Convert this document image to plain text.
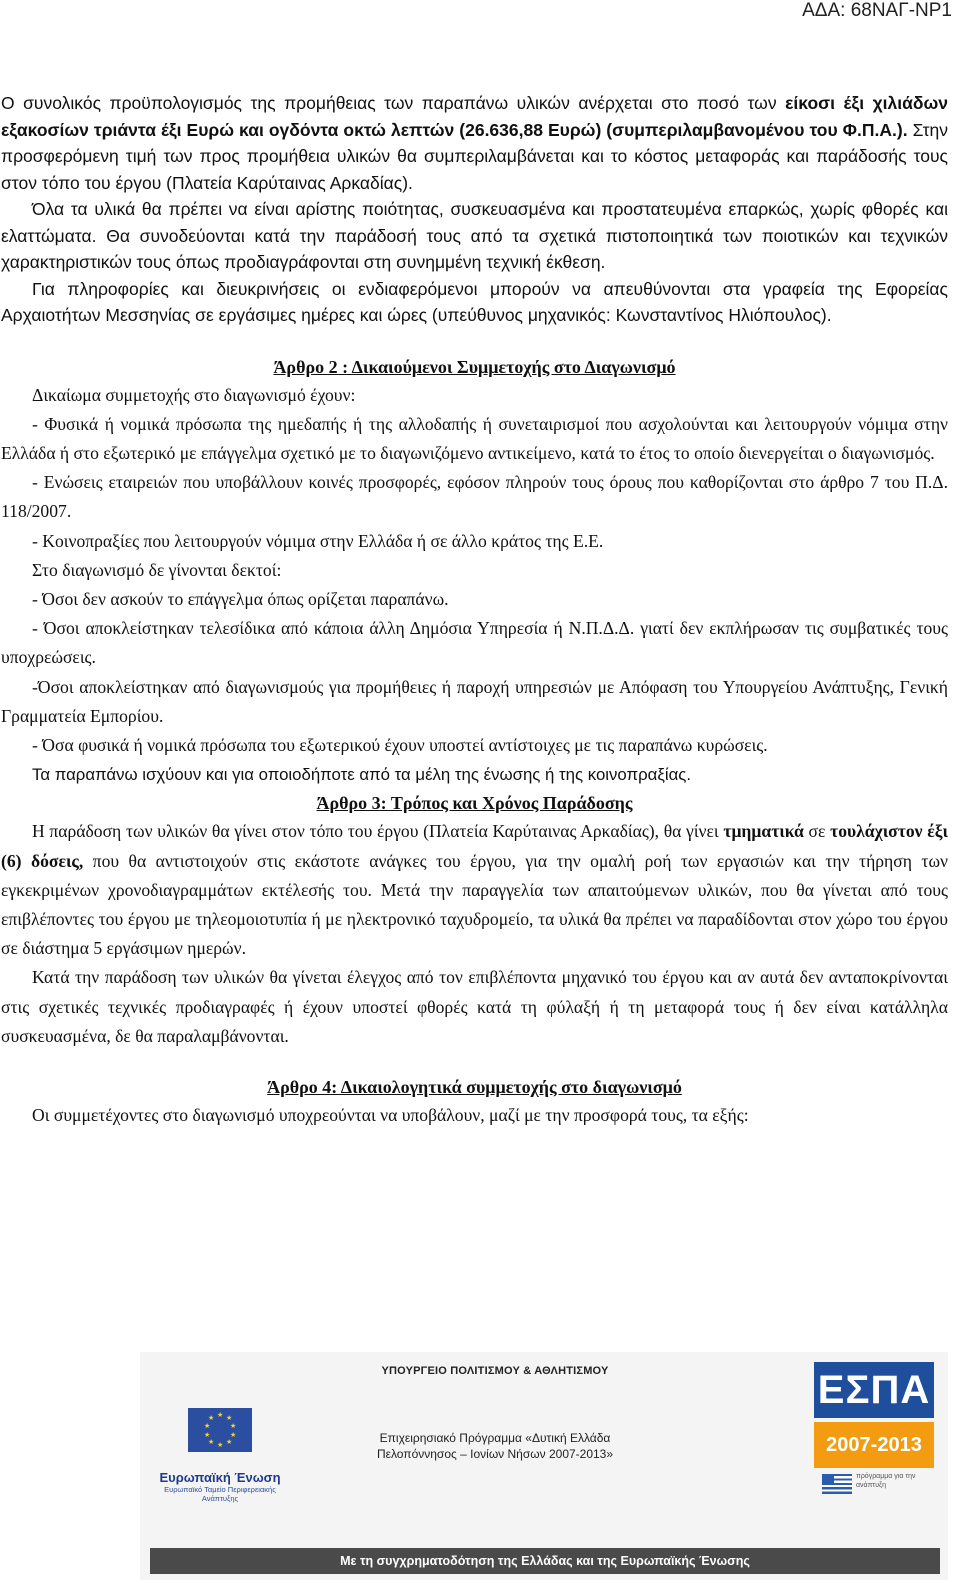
ΑΔΑ: 68ΝΑΓ-ΝΡ1

Ο συνολικός προϋπολογισμός της προμήθειας των παραπάνω υλικών ανέρχεται στο ποσό των είκοσι έξι χιλιάδων εξακοσίων τριάντα έξι Ευρώ και ογδόντα οκτώ λεπτών (26.636,88 Ευρώ) (συμπεριλαμβανομένου του Φ.Π.Α.). Στην προσφερόμενη τιμή των προς προμήθεια υλικών θα συμπεριλαμβάνεται και το κόστος μεταφοράς και παράδοσής τους στον τόπο του έργου (Πλατεία Καρύταινας Αρκαδίας).

Όλα τα υλικά θα πρέπει να είναι αρίστης ποιότητας, συσκευασμένα και προστατευμένα επαρκώς, χωρίς φθορές και ελαττώματα. Θα συνοδεύονται κατά την παράδοσή τους από τα σχετικά πιστοποιητικά των ποιοτικών και τεχνικών χαρακτηριστικών τους όπως προδιαγράφονται στη συνημμένη τεχνική έκθεση.

Για πληροφορίες και διευκρινήσεις οι ενδιαφερόμενοι μπορούν να απευθύνονται στα γραφεία της Εφορείας Αρχαιοτήτων Μεσσηνίας σε εργάσιμες ημέρες και ώρες (υπεύθυνος μηχανικός: Κωνσταντίνος Ηλιόπουλος).

Άρθρο 2 : Δικαιούμενοι Συμμετοχής στο Διαγωνισμό

Δικαίωμα συμμετοχής στο διαγωνισμό έχουν:

- Φυσικά ή νομικά πρόσωπα της ημεδαπής ή της αλλοδαπής ή συνεταιρισμοί που ασχολούνται και λειτουργούν νόμιμα στην Ελλάδα ή στο εξωτερικό με επάγγελμα σχετικό με το διαγωνιζόμενο αντικείμενο, κατά το έτος το οποίο διενεργείται ο διαγωνισμός.

- Ενώσεις εταιρειών που υποβάλλουν κοινές προσφορές, εφόσον πληρούν τους όρους που καθορίζονται στο άρθρο 7 του Π.Δ. 118/2007.

- Κοινοπραξίες που λειτουργούν νόμιμα στην Ελλάδα ή σε άλλο κράτος της Ε.Ε.

Στο διαγωνισμό δε γίνονται δεκτοί:

- Όσοι δεν ασκούν το επάγγελμα όπως ορίζεται παραπάνω.

- Όσοι αποκλείστηκαν τελεσίδικα από κάποια άλλη Δημόσια Υπηρεσία ή Ν.Π.Δ.Δ. γιατί δεν εκπλήρωσαν τις συμβατικές τους υποχρεώσεις.

-Όσοι αποκλείστηκαν από διαγωνισμούς για προμήθειες ή παροχή υπηρεσιών με Απόφαση του Υπουργείου Ανάπτυξης, Γενική Γραμματεία Εμπορίου.

- Όσα φυσικά ή νομικά πρόσωπα του εξωτερικού έχουν υποστεί αντίστοιχες με τις παραπάνω κυρώσεις.

Τα παραπάνω ισχύουν και για οποιοδήποτε από τα μέλη της ένωσης ή της κοινοπραξίας.

Άρθρο 3: Τρόπος και Χρόνος Παράδοσης

Η παράδοση των υλικών θα γίνει στον τόπο του έργου (Πλατεία Καρύταινας Αρκαδίας), θα γίνει τμηματικά σε τουλάχιστον έξι (6) δόσεις, που θα αντιστοιχούν στις εκάστοτε ανάγκες του έργου, για την ομαλή ροή των εργασιών και την τήρηση των εγκεκριμένων χρονοδιαγραμμάτων εκτέλεσής του. Μετά την παραγγελία των απαιτούμενων υλικών, που θα γίνεται από τους επιβλέποντες του έργου με τηλεομοιοτυπία ή με ηλεκτρονικό ταχυδρομείο, τα υλικά θα πρέπει να παραδίδονται στον χώρο του έργου σε διάστημα 5 εργάσιμων ημερών.

Κατά την παράδοση των υλικών θα γίνεται έλεγχος από τον επιβλέποντα μηχανικό του έργου και αν αυτά δεν ανταποκρίνονται στις σχετικές τεχνικές προδιαγραφές ή έχουν υποστεί φθορές κατά τη φύλαξή ή τη μεταφορά τους ή δεν είναι κατάλληλα συσκευασμένα, δε θα παραλαμβάνονται.

Άρθρο 4: Δικαιολογητικά συμμετοχής στο διαγωνισμό

Οι συμμετέχοντες στο διαγωνισμό υποχρεούνται να υποβάλουν, μαζί με την προσφορά τους, τα εξής:

★ ★
★
★
★
★
★
★
★
★
Ευρωπαϊκή Ένωση
Ευρωπαϊκό Ταμείο Περιφερειακής Ανάπτυξης
ΥΠΟΥΡΓΕΙΟ ΠΟΛΙΤΙΣΜΟΥ & ΑΘΛΗΤΙΣΜΟΥ
Επιχειρησιακό Πρόγραμμα «Δυτική Ελλάδα
Πελοπόννησος – Ιονίων Νήσων 2007-2013»
ΕΣΠΑ
2007-2013
πρόγραμμα για την ανάπτυξη
Με τη συγχρηματοδότηση της Ελλάδας και της Ευρωπαϊκής Ένωσης
